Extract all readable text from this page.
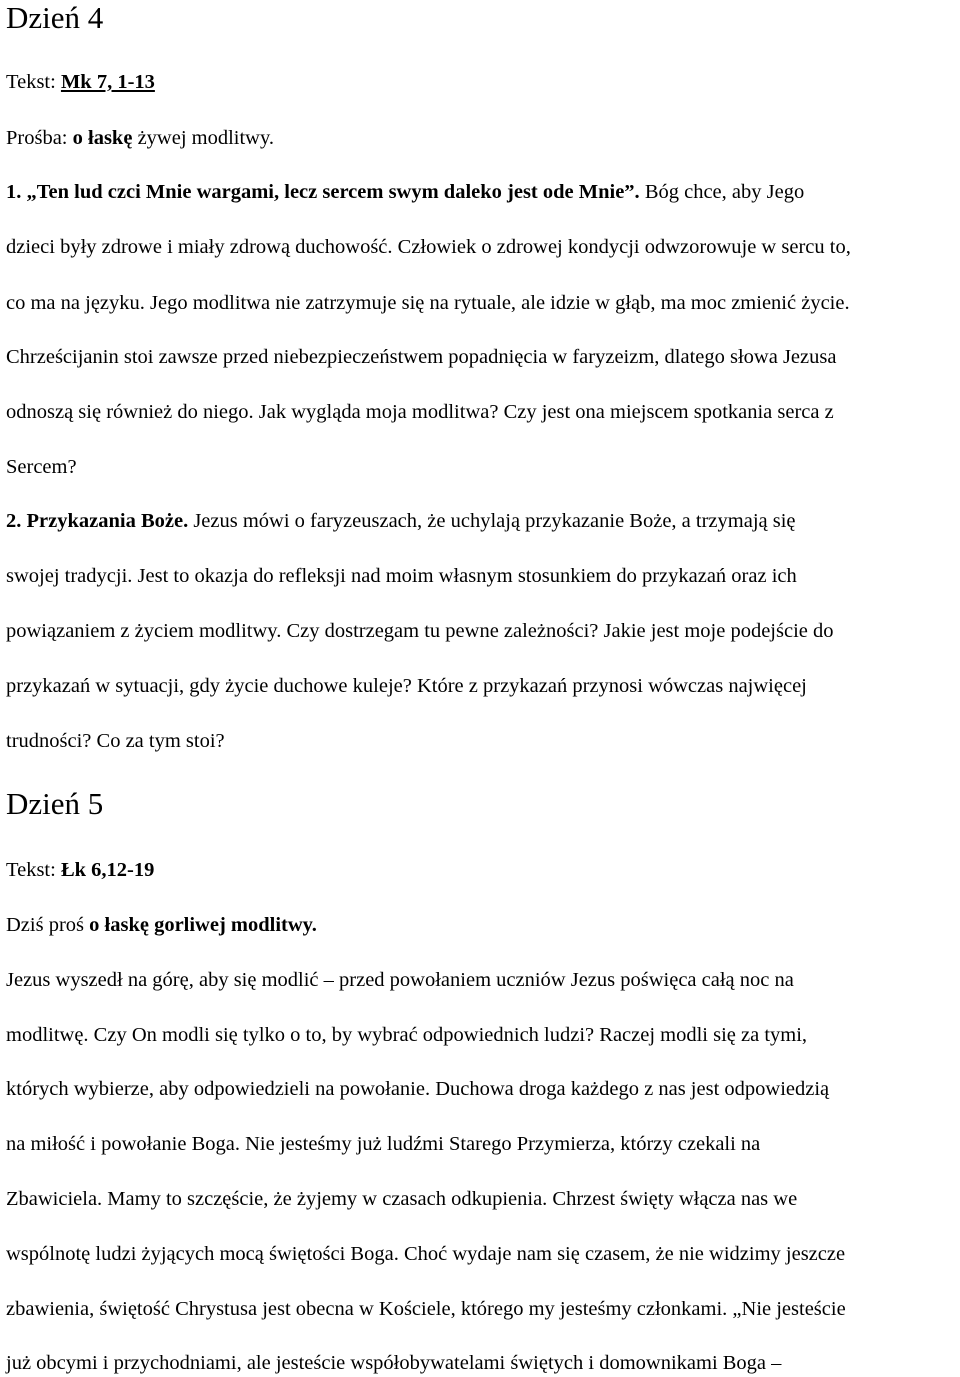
Dzień 4
Tekst: Mk 7, 1-13
Prośba: o łaskę żywej modlitwy.
1. „Ten lud czci Mnie wargami, lecz sercem swym daleko jest ode Mnie”. Bóg chce, aby Jego
dzieci były zdrowe i miały zdrową duchowość. Człowiek o zdrowej kondycji odwzorowuje w sercu to,
co ma na języku. Jego modlitwa nie zatrzymuje się na rytuale, ale idzie w głąb, ma moc zmienić życie.
Chrześcijanin stoi zawsze przed niebezpieczeństwem popadnięcia w faryzeizm, dlatego słowa Jezusa
odnoszą się również do niego. Jak wygląda moja modlitwa? Czy jest ona miejscem spotkania serca z
Sercem?
2. Przykazania Boże. Jezus mówi o faryzeuszach, że uchylają przykazanie Boże, a trzymają się
swojej tradycji. Jest to okazja do refleksji nad moim własnym stosunkiem do przykazań oraz ich
powiązaniem z życiem modlitwy. Czy dostrzegam tu pewne zależności? Jakie jest moje podejście do
przykazań w sytuacji, gdy życie duchowe kuleje? Które z przykazań przynosi wówczas najwięcej
trudności? Co za tym stoi?
Dzień 5
Tekst: Łk 6,12-19
Dziś proś o łaskę gorliwej modlitwy.
Jezus wyszedł na górę, aby się modlić – przed powołaniem uczniów Jezus poświęca całą noc na
modlitwę. Czy On modli się tylko o to, by wybrać odpowiednich ludzi? Raczej modli się za tymi,
których wybierze, aby odpowiedzieli na powołanie. Duchowa droga każdego z nas jest odpowiedzią
na miłość i powołanie Boga. Nie jesteśmy już ludźmi Starego Przymierza, którzy czekali na
Zbawiciela. Mamy to szczęście, że żyjemy w czasach odkupienia. Chrzest święty włącza nas we
wspólnotę ludzi żyjących mocą świętości Boga. Choć wydaje nam się czasem, że nie widzimy jeszcze
zbawienia, świętość Chrystusa jest obecna w Kościele, którego my jesteśmy członkami. „Nie jesteście
już obcymi i przychodniami, ale jesteście współobywatelami świętych i domownikami Boga –
